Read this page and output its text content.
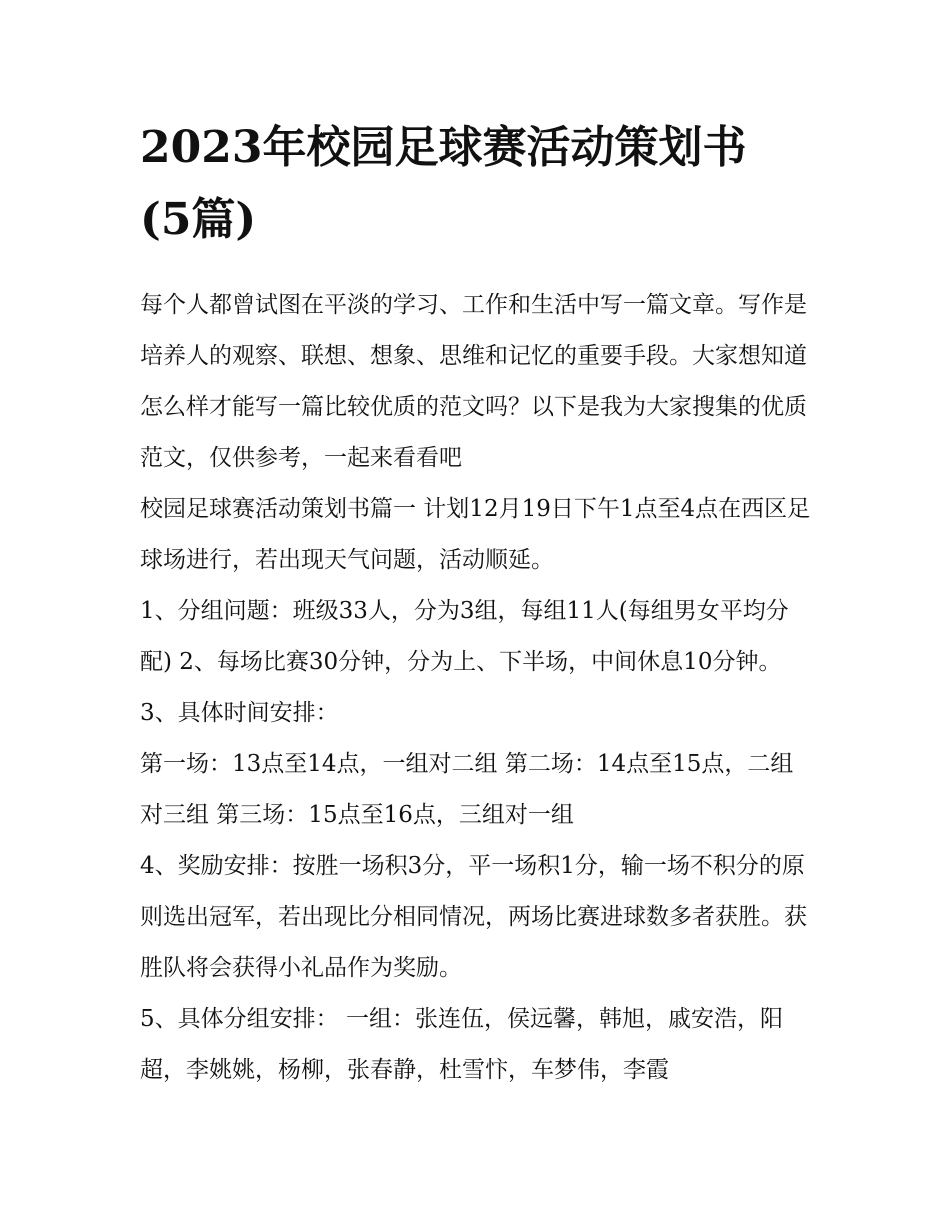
2023年校园足球赛活动策划书
(5篇)

每个人都曾试图在平淡的学习、工作和生活中写一篇文章。写作是培养人的观察、联想、想象、思维和记忆的重要手段。大家想知道怎么样才能写一篇比较优质的范文吗？以下是我为大家搜集的优质范文，仅供参考，一起来看看吧

校园足球赛活动策划书篇一 计划12月19日下午1点至4点在西区足球场进行，若出现天气问题，活动顺延。

1、分组问题：班级33人，分为3组，每组11人(每组男女平均分配) 2、每场比赛30分钟，分为上、下半场，中间休息10分钟。 3、具体时间安排：

第一场：13点至14点，一组对二组 第二场：14点至15点，二组对三组 第三场：15点至16点，三组对一组

4、奖励安排：按胜一场积3分，平一场积1分，输一场不积分的原则选出冠军，若出现比分相同情况，两场比赛进球数多者获胜。获胜队将会获得小礼品作为奖励。

5、具体分组安排： 一组：张连伍，侯远馨，韩旭，戚安浩，阳超，李姚姚，杨柳，张春静，杜雪忭，车梦伟，李霞
